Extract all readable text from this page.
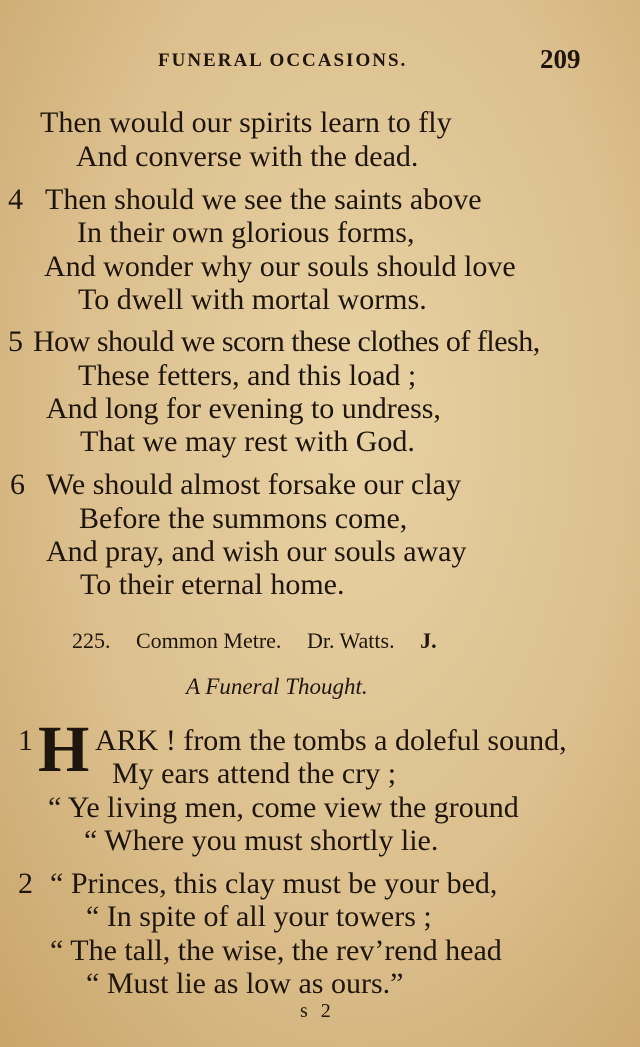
FUNERAL OCCASIONS.	209
Then would our spirits learn to fly
And converse with the dead.
4 Then should we see the saints above
In their own glorious forms,
And wonder why our souls should love
To dwell with mortal worms.
5 How should we scorn these clothes of flesh,
These fetters, and this load ;
And long for evening to undress,
That we may rest with God.
6 We should almost forsake our clay
Before the summons come,
And pray, and wish our souls away
To their eternal home.
225. Common Metre. Dr. Watts. J.
A Funeral Thought.
1 H ARK ! from the tombs a doleful sound,
My ears attend the cry ;
“ Ye living men, come view the ground
“ Where you must shortly lie.
2 “ Princes, this clay must be your bed,
“ In spite of all your towers ;
“ The tall, the wise, the rev’rend head
“ Must lie as low as ours.”
s 2
